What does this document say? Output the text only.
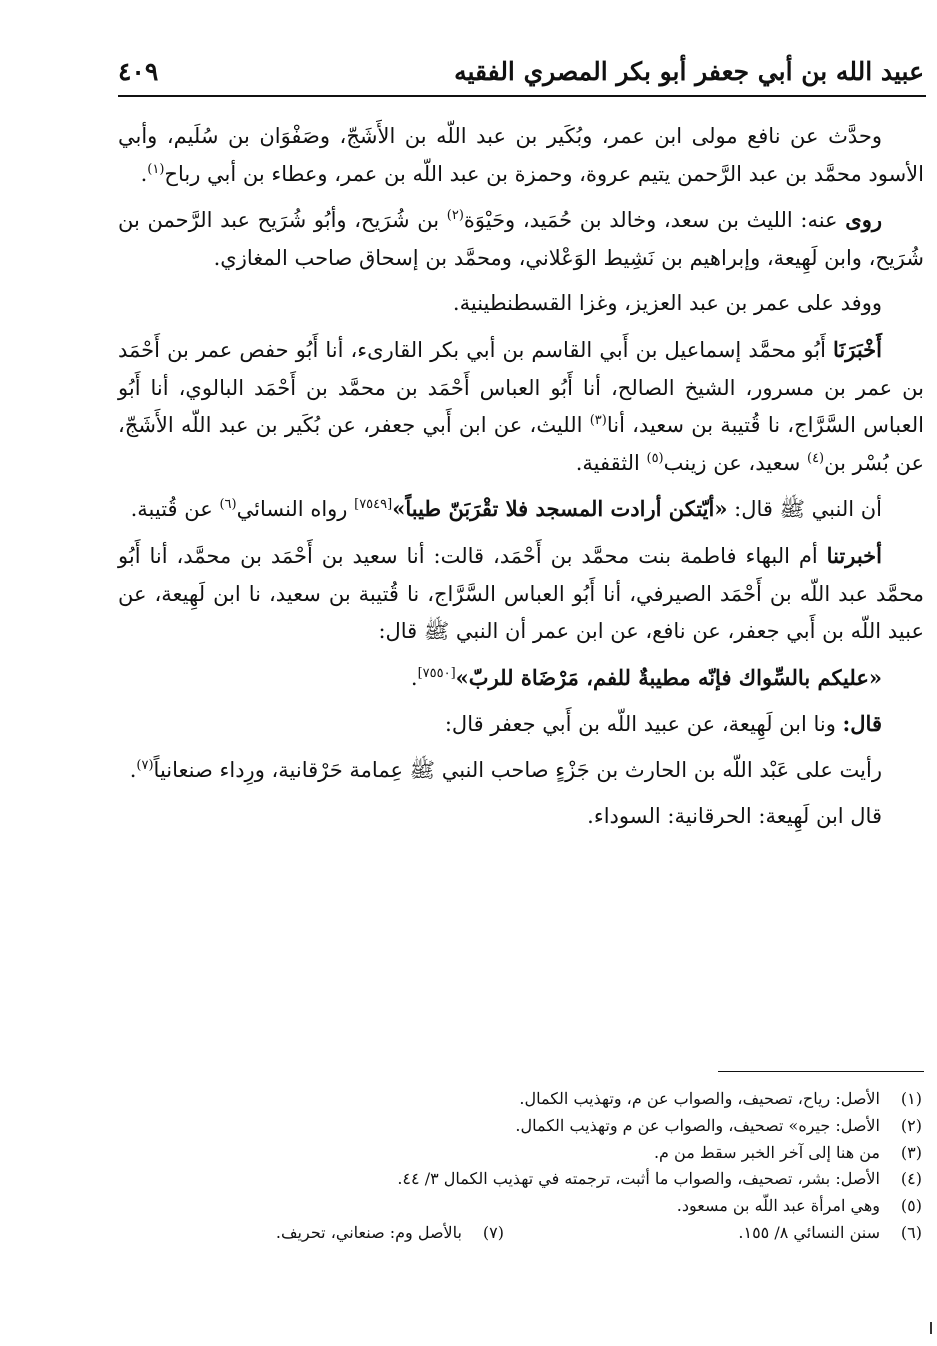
عبيد الله بن أبي جعفر أبو بكر المصري الفقيه
٤٠٩

وحدَّث عن نافع مولى ابن عمر، وبُكَير بن عبد اللّه بن الأَشَجّ، وصَفْوَان بن سُلَيم، وأبي الأسود محمَّد بن عبد الرَّحمن يتيم عروة، وحمزة بن عبد اللّه بن عمر، وعطاء بن أبي رباح$^{(١)}$.

روى عنه: الليث بن سعد، وخالد بن حُمَيد، وحَيْوَة$^{(٢)}$ بن شُرَيح، وأبُو شُرَيح عبد الرَّحمن بن شُرَيح، وابن لَهِيعة، وإبراهيم بن نَشِيط الوَعْلاني، ومحمَّد بن إسحاق صاحب المغازي.

ووفد على عمر بن عبد العزيز، وغزا القسطنطينية.

أَخْبَرَنَا أَبُو محمَّد إسماعيل بن أَبي القاسم بن أبي بكر القارىء، أنا أَبُو حفص عمر بن أَحْمَد بن عمر بن مسرور، الشيخ الصالح، أنا أَبُو العباس أَحْمَد بن محمَّد بن أَحْمَد البالوي، أنا أَبُو العباس السَّرَّاج، نا قُتيبة بن سعيد، أنا$^{(٣)}$ الليث، عن ابن أَبي جعفر، عن بُكَير بن عبد اللّه الأَشَجّ، عن بُسْر بن$^{(٤)}$ سعيد، عن زينب$^{(٥)}$ الثقفية.

أن النبي ﷺ قال: «أيّتكن أرادت المسجد فلا تقْرَبَنّ طيباً»[٧٥٤٩] رواه النسائي$^{(٦)}$ عن قُتيبة.

أخبرتنا أم البهاء فاطمة بنت محمَّد بن أَحْمَد، قالت: أنا سعيد بن أَحْمَد بن محمَّد، أنا أَبُو محمَّد عبد اللّه بن أَحْمَد الصيرفي، أنا أَبُو العباس السَّرَّاج، نا قُتيبة بن سعيد، نا ابن لَهِيعة، عن عبيد اللّه بن أَبي جعفر، عن نافع، عن ابن عمر أن النبي ﷺ قال:

«عليكم بالسِّواك فإنّه مطيبةٌ للفم، مَرْضَاة للربّ»[٧٥٥٠].

قال: ونا ابن لَهِيعة، عن عبيد اللّه بن أَبي جعفر قال:

رأيت على عَبْد اللّه بن الحارث بن جَزْءٍ صاحب النبي ﷺ عِمامة حَرْقانية، ورِداء صنعانياً$^{(٧)}$.

قال ابن لَهِيعة: الحرقانية: السوداء.

(١)
الأصل: رياح، تصحيف، والصواب عن م، وتهذيب الكمال.
(٢)
الأصل: جيره» تصحيف، والصواب عن م وتهذيب الكمال.
(٣)
من هنا إلى آخر الخبر سقط من م.
(٤)
الأصل: بشر، تصحيف، والصواب ما أثبت، ترجمته في تهذيب الكمال ٣/ ٤٤.
(٥)
وهي امرأة عبد اللّه بن مسعود.
(٦)
سنن النسائي ٨/ ١٥٥.
(٧)
بالأصل وم: صنعاني، تحريف.
